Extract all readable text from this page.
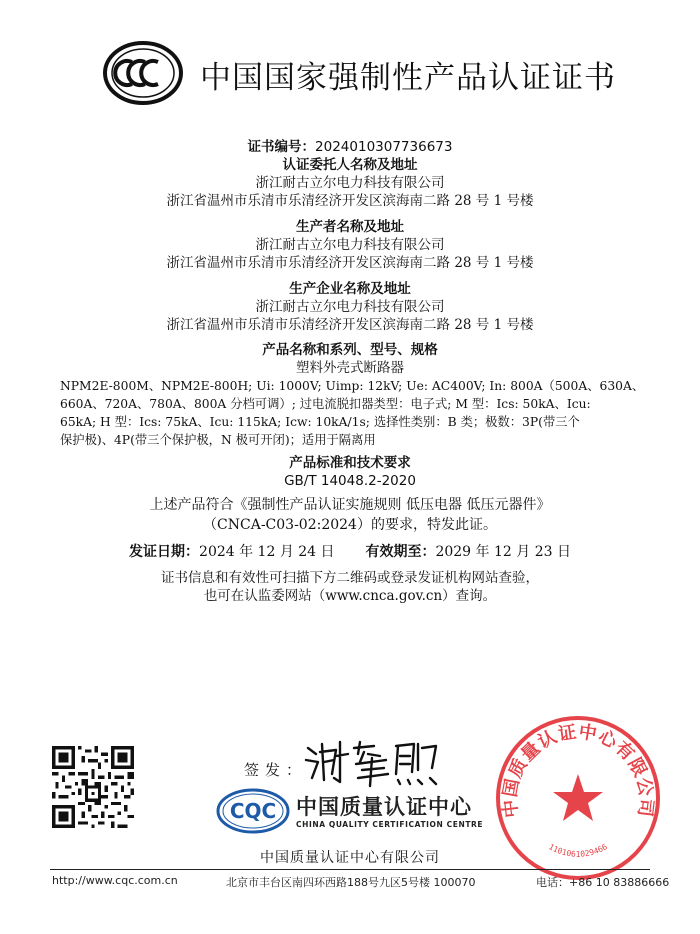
中国国家强制性产品认证证书
证书编号：2024010307736673
认证委托人名称及地址
浙江耐古立尔电力科技有限公司
浙江省温州市乐清市乐清经济开发区滨海南二路 28 号 1 号楼
生产者名称及地址
浙江耐古立尔电力科技有限公司
浙江省温州市乐清市乐清经济开发区滨海南二路 28 号 1 号楼
生产企业名称及地址
浙江耐古立尔电力科技有限公司
浙江省温州市乐清市乐清经济开发区滨海南二路 28 号 1 号楼
产品名称和系列、型号、规格
塑料外壳式断路器
NPM2E-800M、NPM2E-800H; Ui: 1000V; Uimp: 12kV; Ue: AC400V; In: 800A（500A、630A、
660A、720A、780A、800A 分档可调）; 过电流脱扣器类型：电子式; M 型：Ics: 50kA、Icu:
65kA; H 型：Ics: 75kA、Icu: 115kA; Icw: 10kA/1s; 选择性类别：B 类；极数：3P(带三个
保护极)、4P(带三个保护极，N 极可开闭)；适用于隔离用
产品标准和技术要求
GB/T 14048.2-2020
上述产品符合《强制性产品认证实施规则 低压电器 低压元器件》
（CNCA-C03-02:2024）的要求，特发此证。
发证日期：2024 年 12 月 24 日 有效期至：2029 年 12 月 23 日
证书信息和有效性可扫描下方二维码或登录发证机构网站查验，
也可在认监委网站（www.cnca.gov.cn）查询。
签发：
CQC 中国质量认证中心
CHINA QUALITY CERTIFICATION CENTRE
中国质量认证中心有限公司
1101061029466
中国质量认证中心有限公司
http://www.cqc.com.cn	北京市丰台区南四环西路188号九区5号楼 100070	电话：+86 10 83886666
